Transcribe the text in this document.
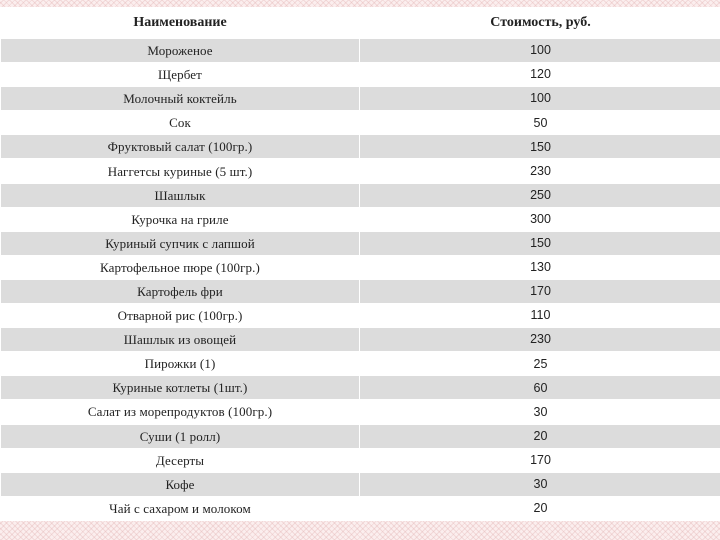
Наименование	Стоимость, руб.
Мороженое	100
Щербет	120
Молочный коктейль	100
Сок	50
Фруктовый салат (100гр.)	150
Наггетсы куриные (5 шт.)	230
Шашлык	250
Курочка на гриле	300
Куриный супчик с лапшой	150
Картофельное пюре (100гр.)	130
Картофель фри	170
Отварной рис (100гр.)	110
Шашлык из овощей	230
Пирожки (1)	25
Куриные котлеты (1шт.)	60
Салат из морепродуктов (100гр.)	30
Суши (1 ролл)	20
Десерты	170
Кофе	30
Чай с сахаром и молоком	20
